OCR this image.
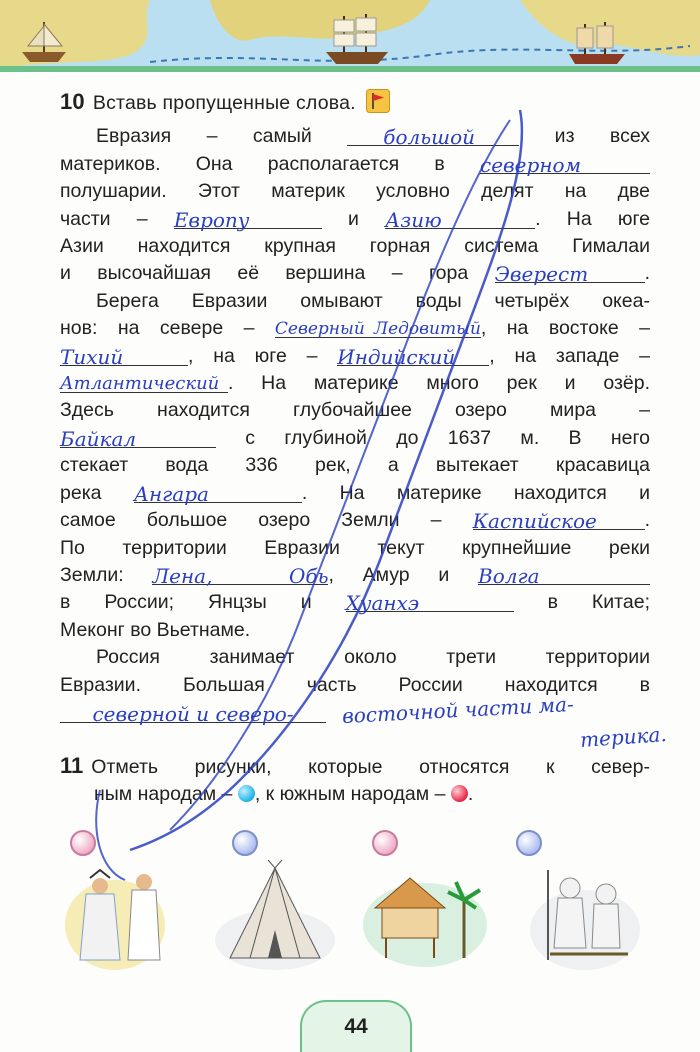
10 Вставь пропущенные слова.

Евразия – самый	большой	из всех

материков. Она располагается в северном

полушарии. Этот материк условно делят на две

части – Европу	и Азию	. На юге

Азии находится крупная горная система Гималаи

и высочайшая её вершина – гора Эверест	.

Берега Евразии омывают воды четырёх океа-

нов: на севере – Северный Ледовитый , на востоке –

Тихий	, на юге – Индийский	, на западе –

Атлантический . На материке много рек и озёр.

Здесь находится глубочайшее озеро мира –

Байкал	с глубиной до 1637 м. В него

стекает вода 336 рек, а вытекает красавица

река Ангара	. На материке находится и

самое большое озеро Земли – Каспийское	.

По территории Евразии текут крупнейшие реки

Земли: Лена, Обь , Амур и Волга

в России; Янцзы и Хуанхэ	в Китае;

Меконг во Вьетнаме.

Россия занимает около трети территории

Евразии. Большая часть России находится в

северной и северо-	восточной части ма-

терика.

11 Отметь рисунки, которые относятся к север-

ным народам – , к южным народам – .

44
